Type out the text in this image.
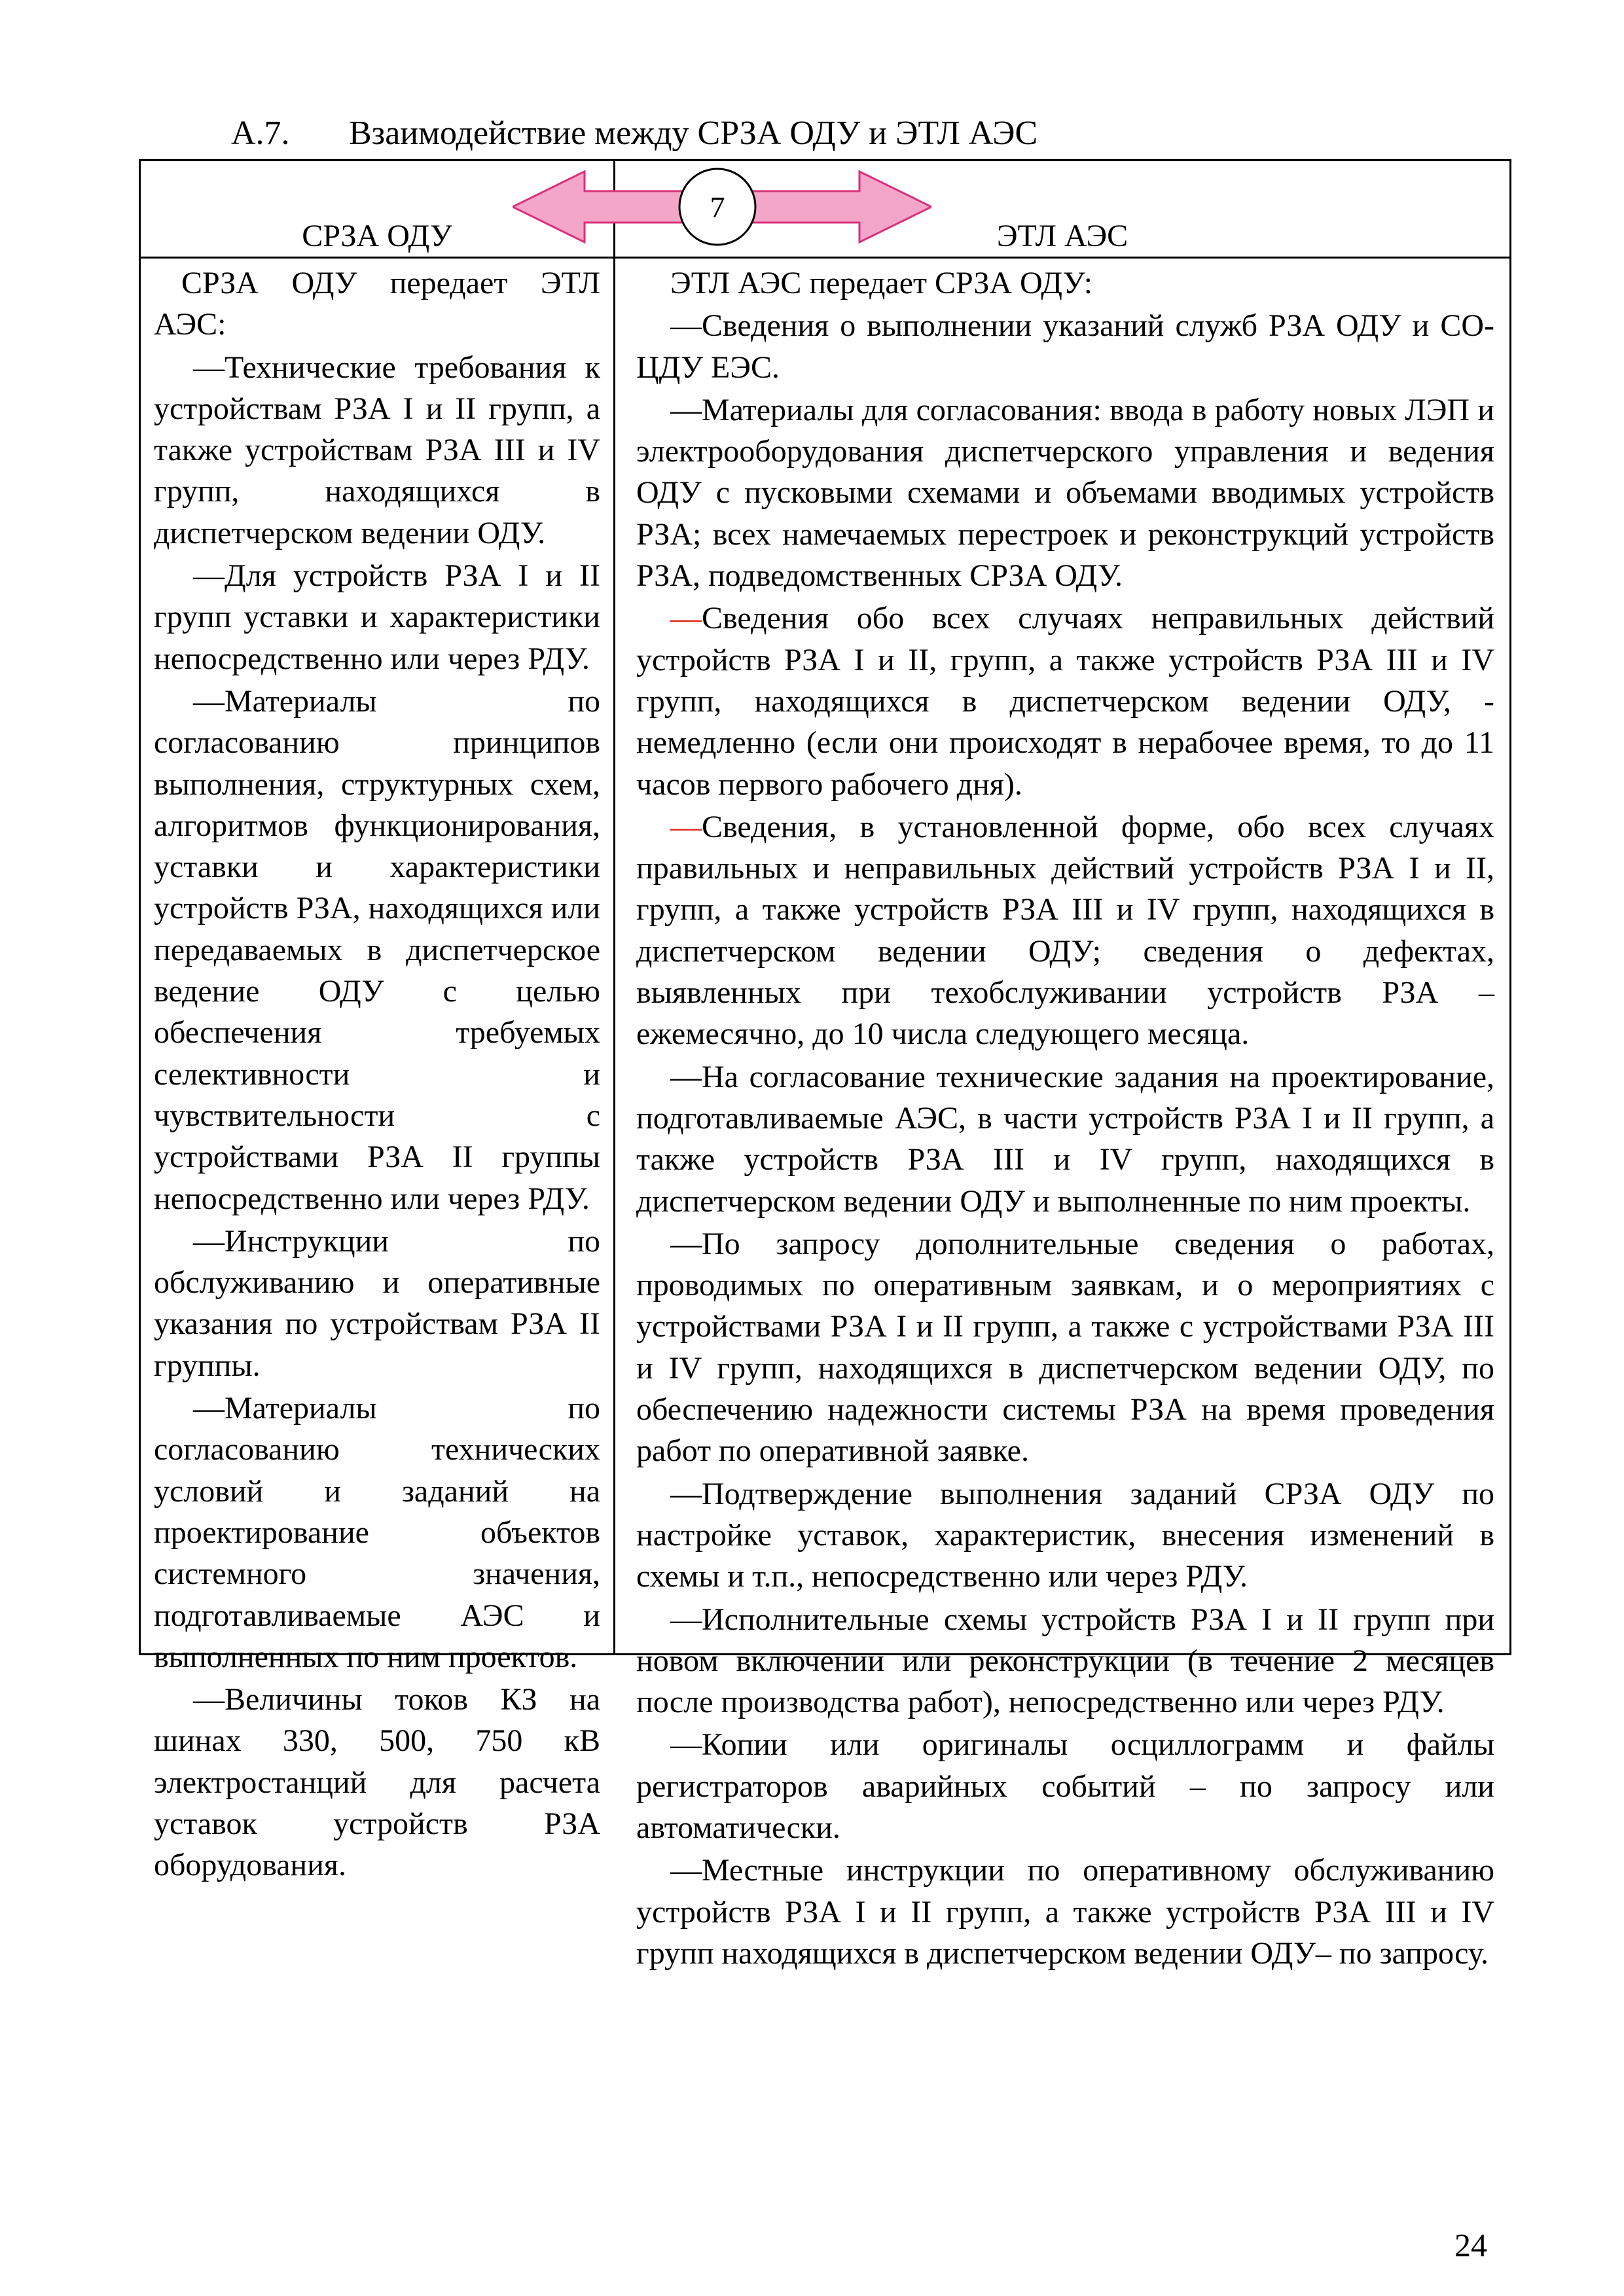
А.7. Взаимодействие между СРЗА ОДУ и ЭТЛ АЭС
7
СРЗА ОДУ	ЭТЛ АЭС

СРЗА ОДУ передает ЭТЛ АЭС:

—Технические требования к устройствам РЗА I и II групп, а также устройствам РЗА III и IV групп, находящихся в диспетчерском ведении ОДУ.

—Для устройств РЗА I и II групп уставки и характеристики непосредственно или через РДУ.

—Материалы по согласованию принципов выполнения, структурных схем, алгоритмов функционирования, уставки и характеристики устройств РЗА, находящихся или передаваемых в диспетчерское ведение ОДУ с целью обеспечения требуемых селективности и чувствительности с устройствами РЗА II группы непосредственно или через РДУ.

—Инструкции по обслуживанию и оперативные указания по устройствам РЗА II группы.

—Материалы по согласованию технических условий и заданий на проектирование объектов системного значения, подготавливаемые АЭС и выполненных по ним проектов.

—Величины токов КЗ на шинах 330, 500, 750 кВ электростанций для расчета уставок устройств РЗА оборудования.

ЭТЛ АЭС передает СРЗА ОДУ:

—Сведения о выполнении указаний служб РЗА ОДУ и СО-ЦДУ ЕЭС.

—Материалы для согласования: ввода в работу новых ЛЭП и электрооборудования диспетчерского управления и ведения ОДУ с пусковыми схемами и объемами вводимых устройств РЗА; всех намечаемых перестроек и реконструкций устройств РЗА, подведомственных СРЗА ОДУ.

—Сведения обо всех случаях неправильных действий устройств РЗА I и II, групп, а также устройств РЗА III и IV групп, находящихся в диспетчерском ведении ОДУ, - немедленно (если они происходят в нерабочее время, то до 11 часов первого рабочего дня).

—Сведения, в установленной форме, обо всех случаях правильных и неправильных действий устройств РЗА I и II, групп, а также устройств РЗА III и IV групп, находящихся в диспетчерском ведении ОДУ; сведения о дефектах, выявленных при техобслуживании устройств РЗА – ежемесячно, до 10 числа следующего месяца.

—На согласование технические задания на проектирование, подготавливаемые АЭС, в части устройств РЗА I и II групп, а также устройств РЗА III и IV групп, находящихся в диспетчерском ведении ОДУ и выполненные по ним проекты.

—По запросу дополнительные сведения о работах, проводимых по оперативным заявкам, и о мероприятиях с устройствами РЗА I и II групп, а также с устройствами РЗА III и IV групп, находящихся в диспетчерском ведении ОДУ, по обеспечению надежности системы РЗА на время проведения работ по оперативной заявке.

—Подтверждение выполнения заданий СРЗА ОДУ по настройке уставок, характеристик, внесения изменений в схемы и т.п., непосредственно или через РДУ.

—Исполнительные схемы устройств РЗА I и II групп при новом включении или реконструкции (в течение 2 месяцев после производства работ), непосредственно или через РДУ.

—Копии или оригиналы осциллограмм и файлы регистраторов аварийных событий – по запросу или автоматически.

—Местные инструкции по оперативному обслуживанию устройств РЗА I и II групп, а также устройств РЗА III и IV групп находящихся в диспетчерском ведении ОДУ– по запросу.

24
